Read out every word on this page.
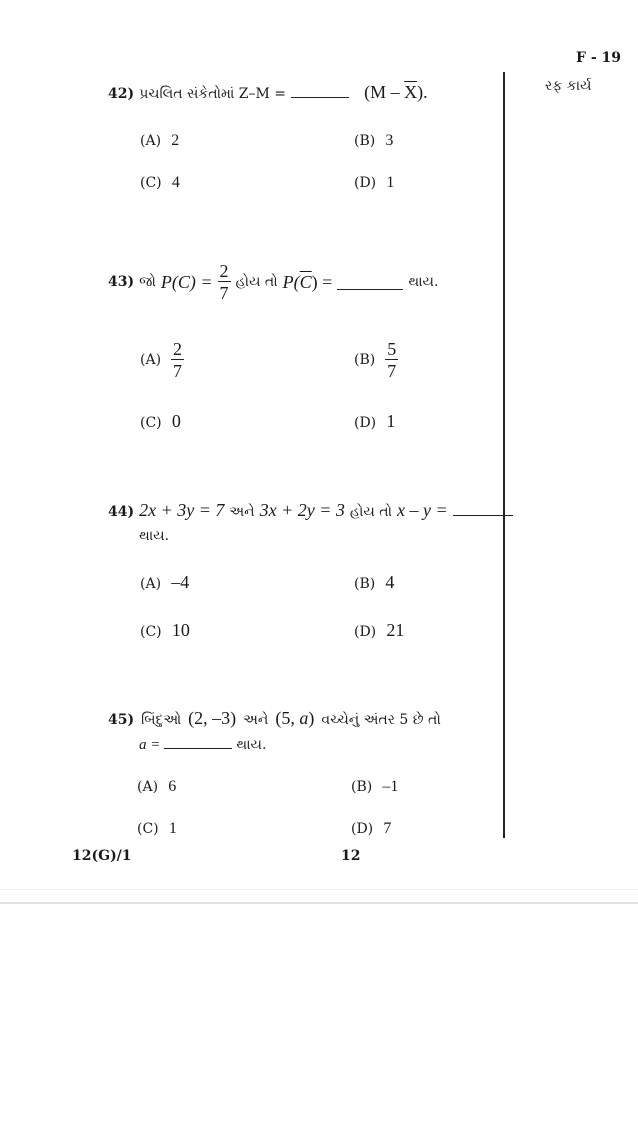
F - 19
રફ કાર્ય
42) પ્રચલિત સંકેતોમાં Z–M =	$(M - \overline{X})$.
(A) 2	(B) 3
(C) 4	(D) 1
43) જો $P(C) = \frac{2}{7}$ હોય તો $P(\overline{C})$ =	થાય.
$(A) \frac{2}{7}$	$(B) \frac{5}{7}$
(C) 0	(D) 1
44) 2x + 3y = 7 અને 3x + 2y = 3 હોય તો x – y =
થાય.
(A) –4	(B) 4
(C) 10	(D) 21
45) બિંદુઓ (2, –3) અને (5, a) વચ્ચેનું અંતર 5 છે તો
a =	થાય.
(A) 6	(B) –1
(C) 1	(D) 7
12(G)/1	12
